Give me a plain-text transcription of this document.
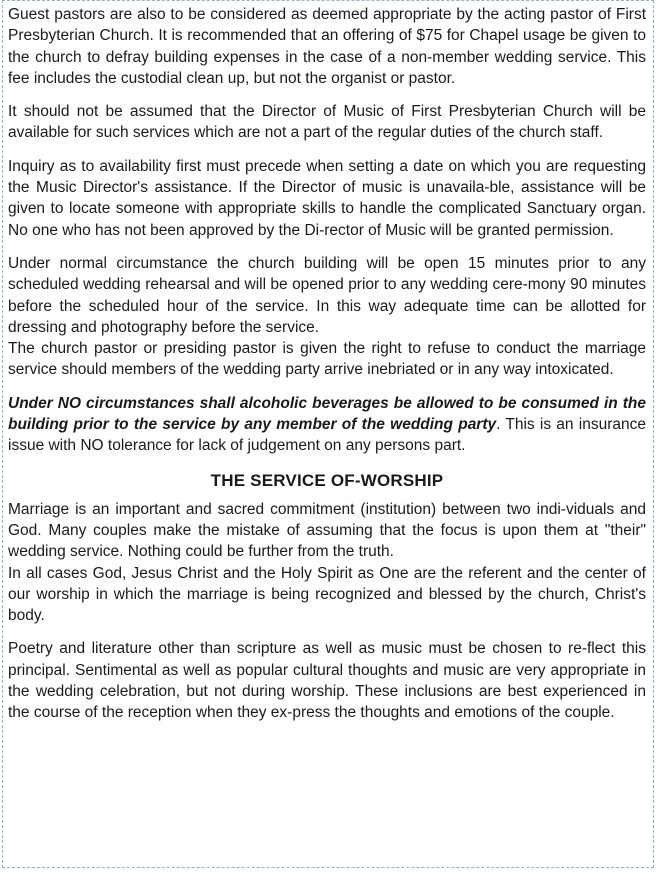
Guest pastors are also to be considered as deemed appropriate by the acting pastor of First Presbyterian Church. It is recommended that an offering of $75 for Chapel usage be given to the church to defray building expenses in the case of a non-member wedding service. This fee includes the custodial clean up, but not the organist or pastor.

It should not be assumed that the Director of Music of First Presbyterian Church will be available for such services which are not a part of the regular duties of the church staff.

Inquiry as to availability first must precede when setting a date on which you are requesting the Music Director's assistance. If the Director of music is unavaila-ble, assistance will be given to locate someone with appropriate skills to handle the complicated Sanctuary organ. No one who has not been approved by the Di-rector of Music will be granted permission.

Under normal circumstance the church building will be open 15 minutes prior to any scheduled wedding rehearsal and will be opened prior to any wedding cere-mony 90 minutes before the scheduled hour of the service. In this way adequate time can be allotted for dressing and photography before the service.

The church pastor or presiding pastor is given the right to refuse to conduct the marriage service should members of the wedding party arrive inebriated or in any way intoxicated.

Under NO circumstances shall alcoholic beverages be allowed to be consumed in the building prior to the service by any member of the wedding party. This is an insurance issue with NO tolerance for lack of judgement on any persons part.

THE SERVICE OF-WORSHIP

Marriage is an important and sacred commitment (institution) between two indi-viduals and God. Many couples make the mistake of assuming that the focus is upon them at "their" wedding service. Nothing could be further from the truth.

In all cases God, Jesus Christ and the Holy Spirit as One are the referent and the center of our worship in which the marriage is being recognized and blessed by the church, Christ's body.

Poetry and literature other than scripture as well as music must be chosen to re-flect this principal. Sentimental as well as popular cultural thoughts and music are very appropriate in the wedding celebration, but not during worship. These inclusions are best experienced in the course of the reception when they ex-press the thoughts and emotions of the couple.
